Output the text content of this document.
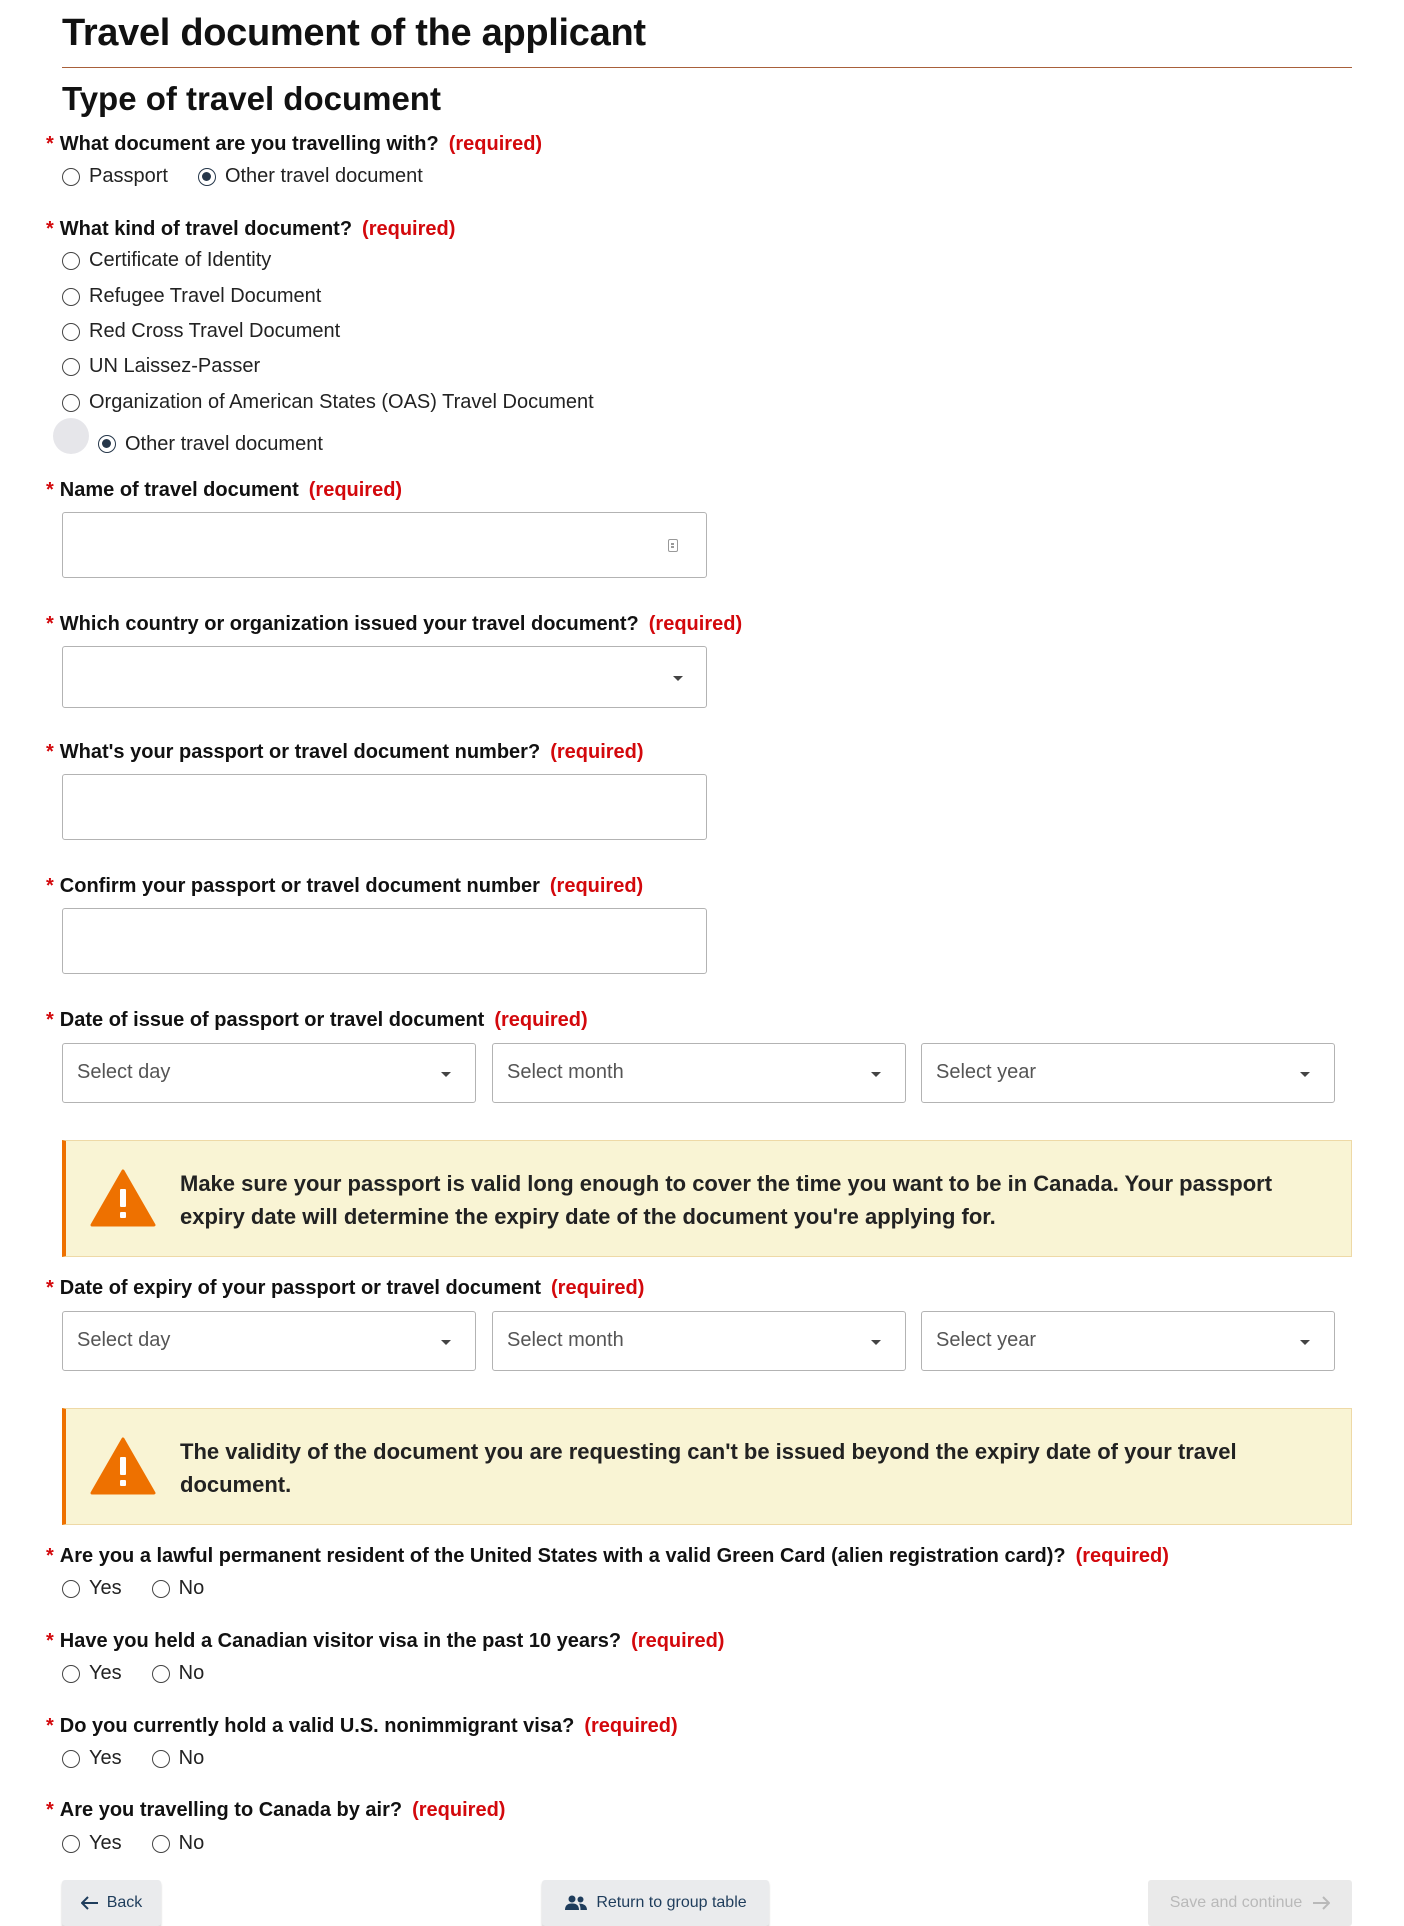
Travel document of the applicant
Type of travel document
* What document are you travelling with? (required)
Passport	Other travel document
* What kind of travel document? (required)
Certificate of Identity
Refugee Travel Document
Red Cross Travel Document
UN Laissez-Passer
Organization of American States (OAS) Travel Document
Other travel document
* Name of travel document (required)
* Which country or organization issued your travel document? (required)
* What's your passport or travel document number? (required)
* Confirm your passport or travel document number (required)
* Date of issue of passport or travel document (required)
Select day	Select month	Select year
Make sure your passport is valid long enough to cover the time you want to be in Canada. Your passport expiry date will determine the expiry date of the document you're applying for.
* Date of expiry of your passport or travel document (required)
Select day	Select month	Select year
The validity of the document you are requesting can't be issued beyond the expiry date of your travel document.
* Are you a lawful permanent resident of the United States with a valid Green Card (alien registration card)? (required)
Yes	No
* Have you held a Canadian visitor visa in the past 10 years? (required)
Yes	No
* Do you currently hold a valid U.S. nonimmigrant visa? (required)
Yes	No
* Are you travelling to Canada by air? (required)
Yes	No
Back	Return to group table	Save and continue
